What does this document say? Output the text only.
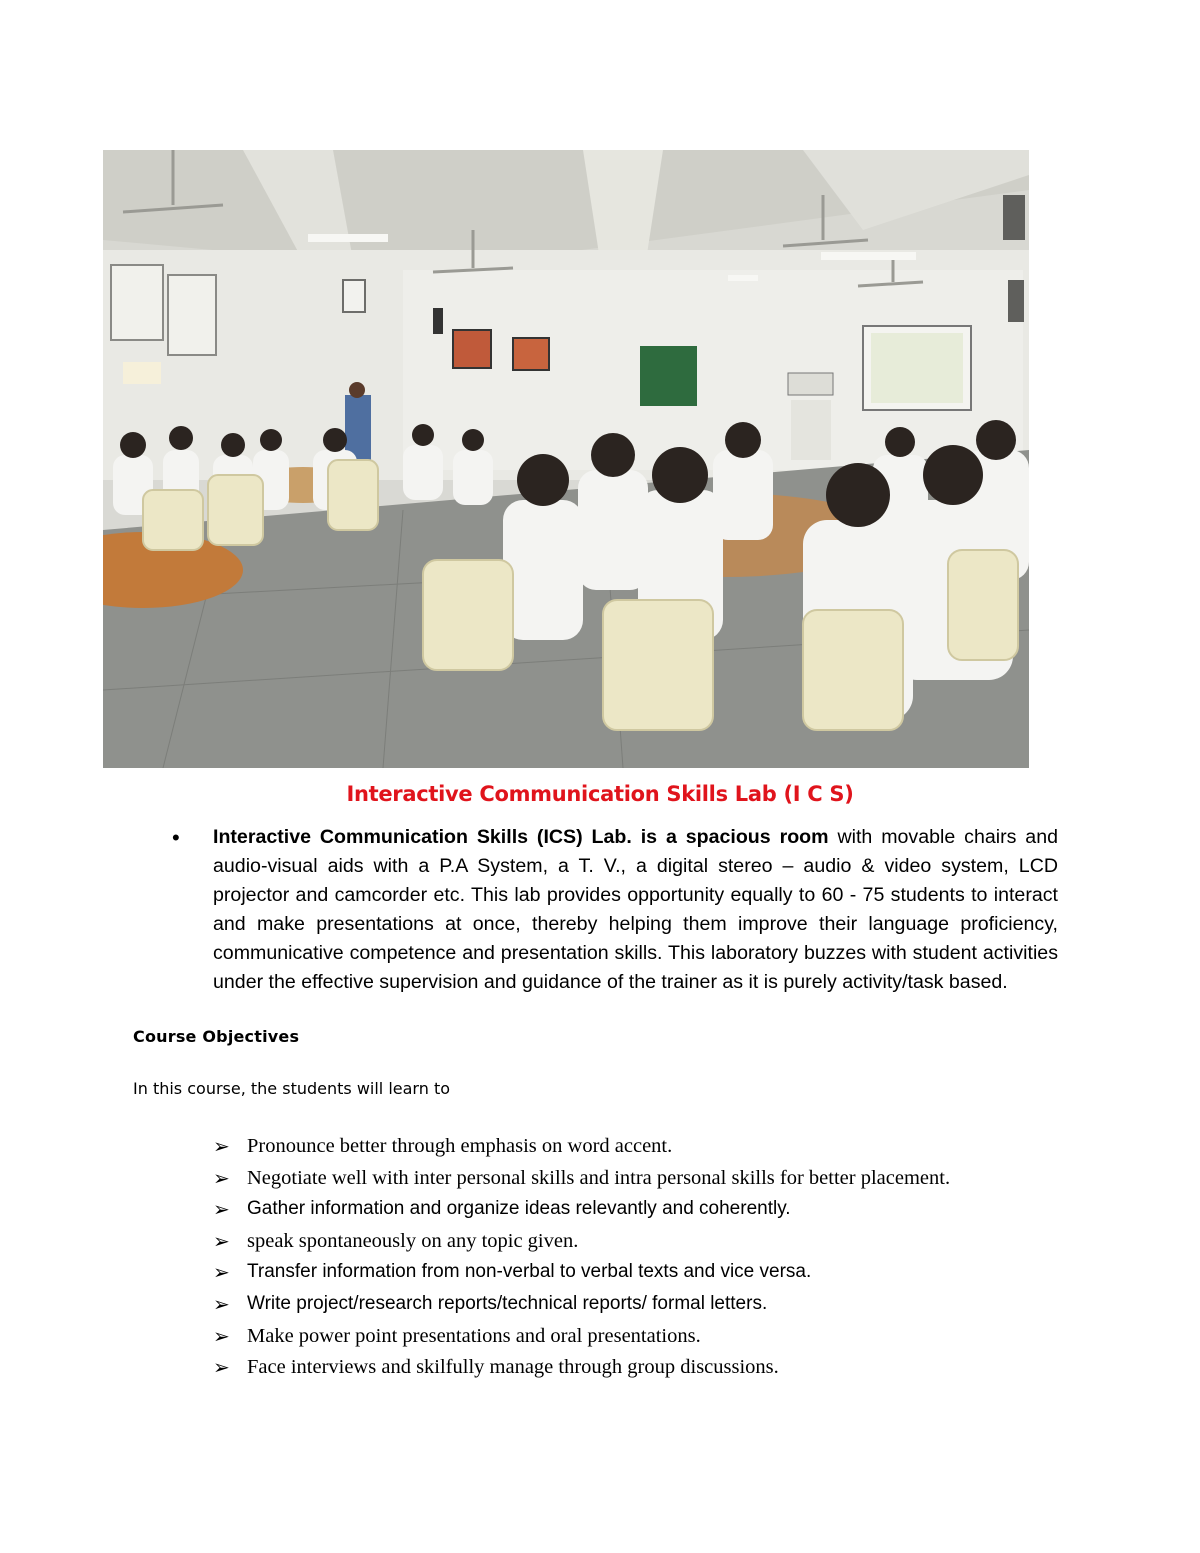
Interactive Communication Skills Lab (I C S)
• Interactive Communication Skills (ICS) Lab. is a spacious room with movable chairs and audio-visual aids with a P.A System, a T. V., a digital stereo – audio & video system, LCD projector and camcorder etc. This lab provides opportunity equally to 60 - 75 students to interact and make presentations at once, thereby helping them improve their language proficiency, communicative competence and presentation skills. This laboratory buzzes with student activities under the effective supervision and guidance of the trainer as it is purely activity/task based.
Course Objectives
In this course, the students will learn to
➢ Pronounce better through emphasis on word accent.
➢ Negotiate well with inter personal skills and intra personal skills for better placement.
➢ Gather information and organize ideas relevantly and coherently.
➢ speak spontaneously on any topic given.
➢ Transfer information from non-verbal to verbal texts and vice versa.
➢ Write project/research reports/technical reports/ formal letters.
➢ Make power point presentations and oral presentations.
➢ Face interviews and skilfully manage through group discussions.
